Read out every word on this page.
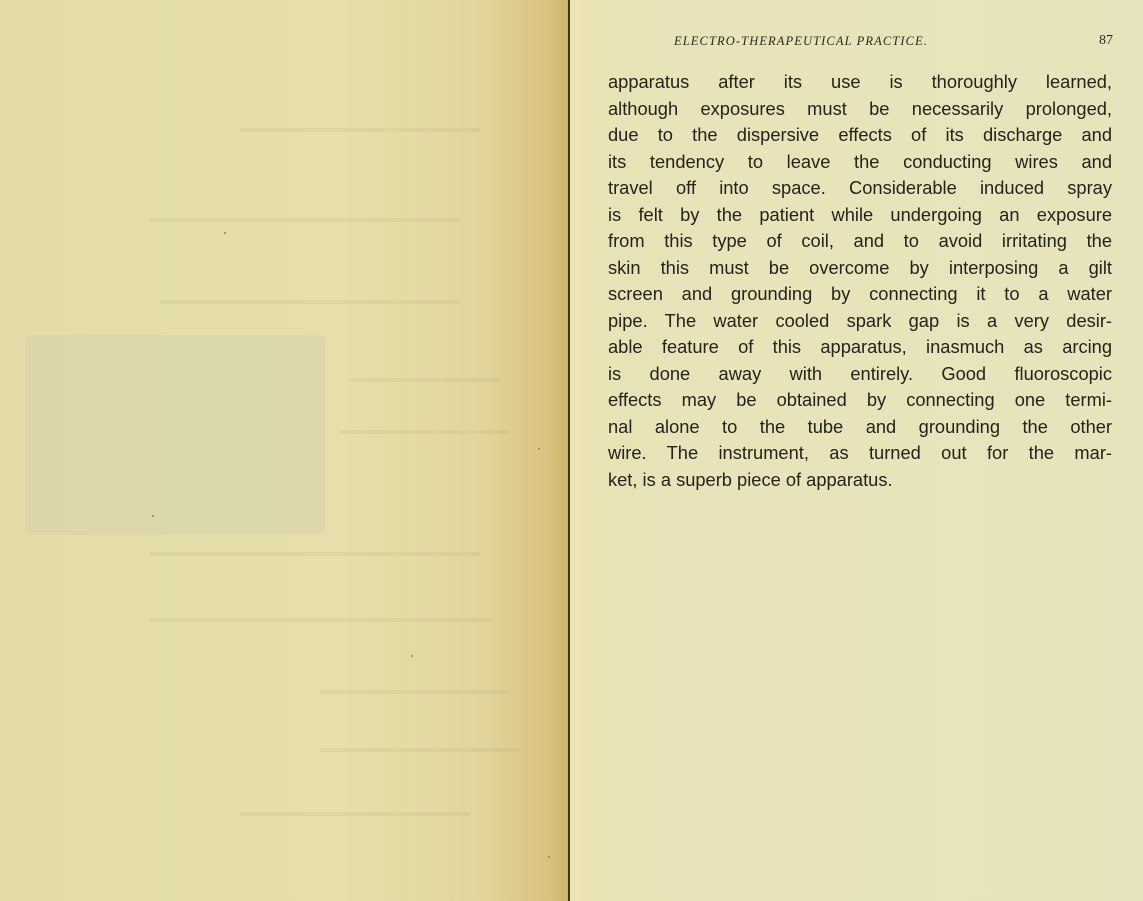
ELECTRO-THERAPEUTICAL PRACTICE.	87

apparatus after its use is thoroughly learned,
although exposures must be necessarily prolonged,
due to the dispersive effects of its discharge and
its tendency to leave the conducting wires and
travel off into space. Considerable induced spray
is felt by the patient while undergoing an exposure
from this type of coil, and to avoid irritating the
skin this must be overcome by interposing a gilt
screen and grounding by connecting it to a water
pipe. The water cooled spark gap is a very desir-
able feature of this apparatus, inasmuch as arcing
is done away with entirely. Good fluoroscopic
effects may be obtained by connecting one termi-
nal alone to the tube and grounding the other
wire. The instrument, as turned out for the mar-
ket, is a superb piece of apparatus.
